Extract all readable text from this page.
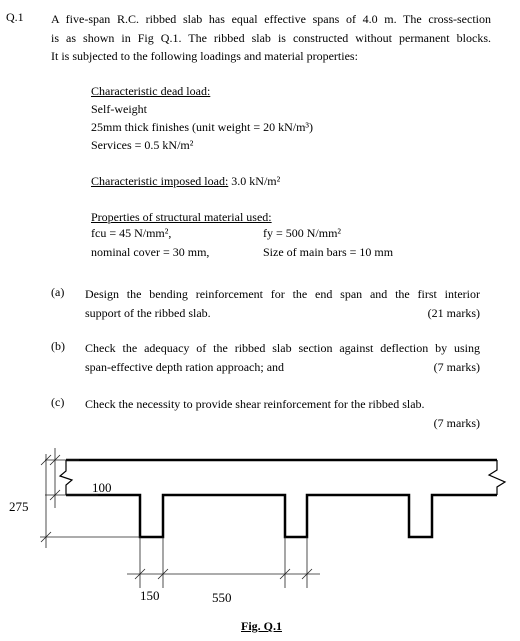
Q.1 A five-span R.C. ribbed slab has equal effective spans of 4.0 m. The cross-section
is as shown in Fig Q.1. The ribbed slab is constructed without permanent blocks.
It is subjected to the following loadings and material properties:
Characteristic dead load:
Self-weight
25mm thick finishes (unit weight = 20 kN/m³)
Services = 0.5 kN/m²
Characteristic imposed load: 3.0 kN/m²
Properties of structural material used:
fcu = 45 N/mm²,	fy = 500 N/mm²
nominal cover = 30 mm,	Size of main bars = 10 mm
(a) Design the bending reinforcement for the end span and the first interior
support of the ribbed slab.	(21 marks)
(b) Check the adequacy of the ribbed slab section against deflection by using
span-effective depth ration approach; and	(7 marks)
(c) Check the necessity to provide shear reinforcement for the ribbed slab.
(7 marks)
100
275
150	550
Fig. Q.1
